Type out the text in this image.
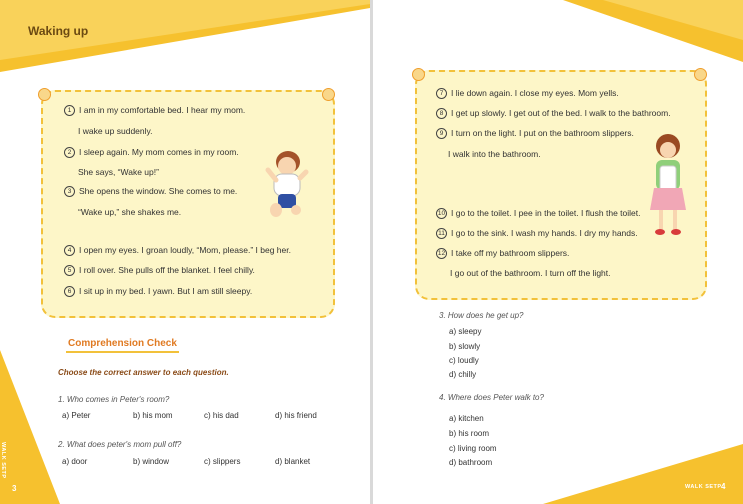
Waking up
1 I am in my comfortable bed. I hear my mom.
I wake up suddenly.
2 I sleep again. My mom comes in my room.
She says, “Wake up!”
3 She opens the window. She comes to me.
“Wake up,” she shakes me.
4 I open my eyes. I groan loudly, “Mom, please.” I beg her.
5 I roll over. She pulls off the blanket. I feel chilly.
6 I sit up in my bed. I yawn. But I am still sleepy.
Comprehension Check
Choose the correct answer to each question.
1. Who comes in Peter's room?
a) Peter	b) his mom	c) his dad	d) his friend
2. What does peter's mom pull off?
a) door	b) window	c) slippers	d) blanket
WALK SETP
3
7 I lie down again. I close my eyes. Mom yells.
8 I get up slowly. I get out of the bed. I walk to the bathroom.
9 I turn on the light. I put on the bathroom slippers.
I walk into the bathroom.
10 I go to the toilet. I pee in the toilet. I flush the toilet.
11 I go to the sink. I wash my hands. I dry my hands.
12 I take off my bathroom slippers.
I go out of the bathroom. I turn off the light.
3. How does he get up?
a) sleepy
b) slowly
c) loudly
d) chilly
4. Where does Peter walk to?
a) kitchen
b) his room
c) living room
d) bathroom
WALK SETP 4
